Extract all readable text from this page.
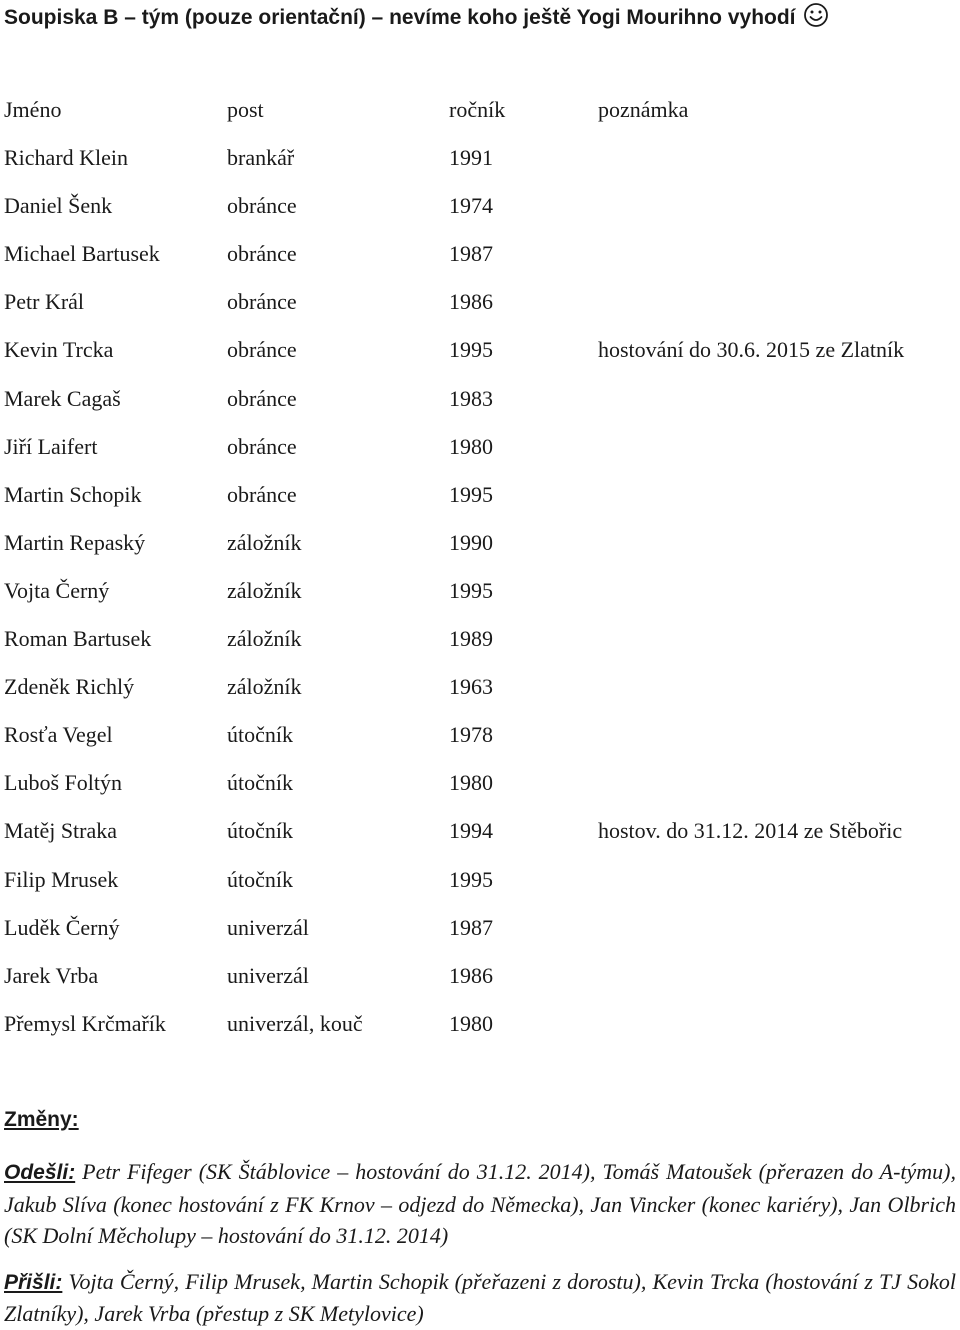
Soupiska B – tým (pouze orientační) – nevíme koho ještě Yogi Mourihno vyhodí
Jméno	post	ročník	poznámka
Richard Klein	brankář	1991
Daniel Šenk	obránce	1974
Michael Bartusek	obránce	1987
Petr Král	obránce	1986
Kevin Trcka	obránce	1995	hostování do 30.6. 2015 ze Zlatník
Marek Cagaš	obránce	1983
Jiří Laifert	obránce	1980
Martin Schopik	obránce	1995
Martin Repaský	záložník	1990
Vojta Černý	záložník	1995
Roman Bartusek	záložník	1989
Zdeněk Richlý	záložník	1963
Rosťa Vegel	útočník	1978
Luboš Foltýn	útočník	1980
Matěj Straka	útočník	1994	hostov. do 31.12. 2014 ze Stěbořic
Filip Mrusek	útočník	1995
Luděk Černý	univerzál	1987
Jarek Vrba	univerzál	1986
Přemysl Krčmařík	univerzál, kouč	1980
Změny:
Odešli: Petr Fifeger (SK Štáblovice – hostování do 31.12. 2014), Tomáš Matoušek (přerazen do A-týmu), Jakub Slíva (konec hostování z FK Krnov – odjezd do Německa), Jan Vincker (konec kariéry), Jan Olbrich (SK Dolní Měcholupy – hostování do 31.12. 2014)
Přišli: Vojta Černý, Filip Mrusek, Martin Schopik (přeřazeni z dorostu), Kevin Trcka (hostování z TJ Sokol Zlatníky), Jarek Vrba (přestup z SK Metylovice)
